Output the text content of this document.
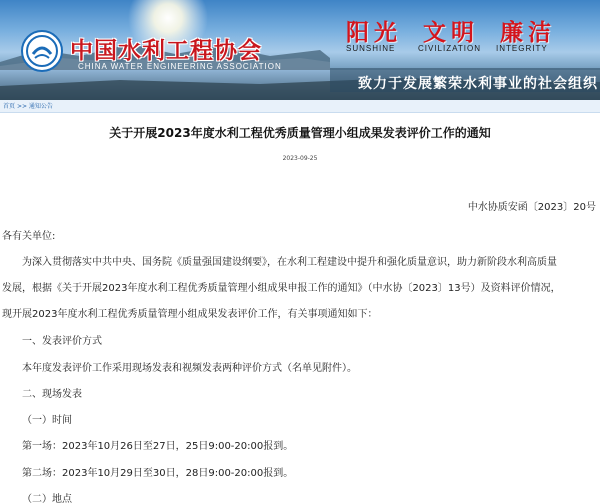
中国水利工程协会
CHINA WATER ENGINEERING ASSOCIATION
阳光
SUNSHINE
文明
CIVILIZATION
廉洁
INTEGRITY
致力于发展繁荣水利事业的社会组织
首页 >> 通知公告
关于开展2023年度水利工程优秀质量管理小组成果发表评价工作的通知
2023-09-25
中水协质安函〔2023〕20号
各有关单位:
为深入贯彻落实中共中央、国务院《质量强国建设纲要》，在水利工程建设中提升和强化质量意识，助力新阶段水利高质量
发展，根据《关于开展2023年度水利工程优秀质量管理小组成果申报工作的通知》（中水协〔2023〕13号）及资料评价情况，
现开展2023年度水利工程优秀质量管理小组成果发表评价工作，有关事项通知如下：
一、发表评价方式
本年度发表评价工作采用现场发表和视频发表两种评价方式（名单见附件）。
二、现场发表
（一）时间
第一场：2023年10月26日至27日，25日9:00-20:00报到。
第二场：2023年10月29日至30日，28日9:00-20:00报到。
（二）地点
